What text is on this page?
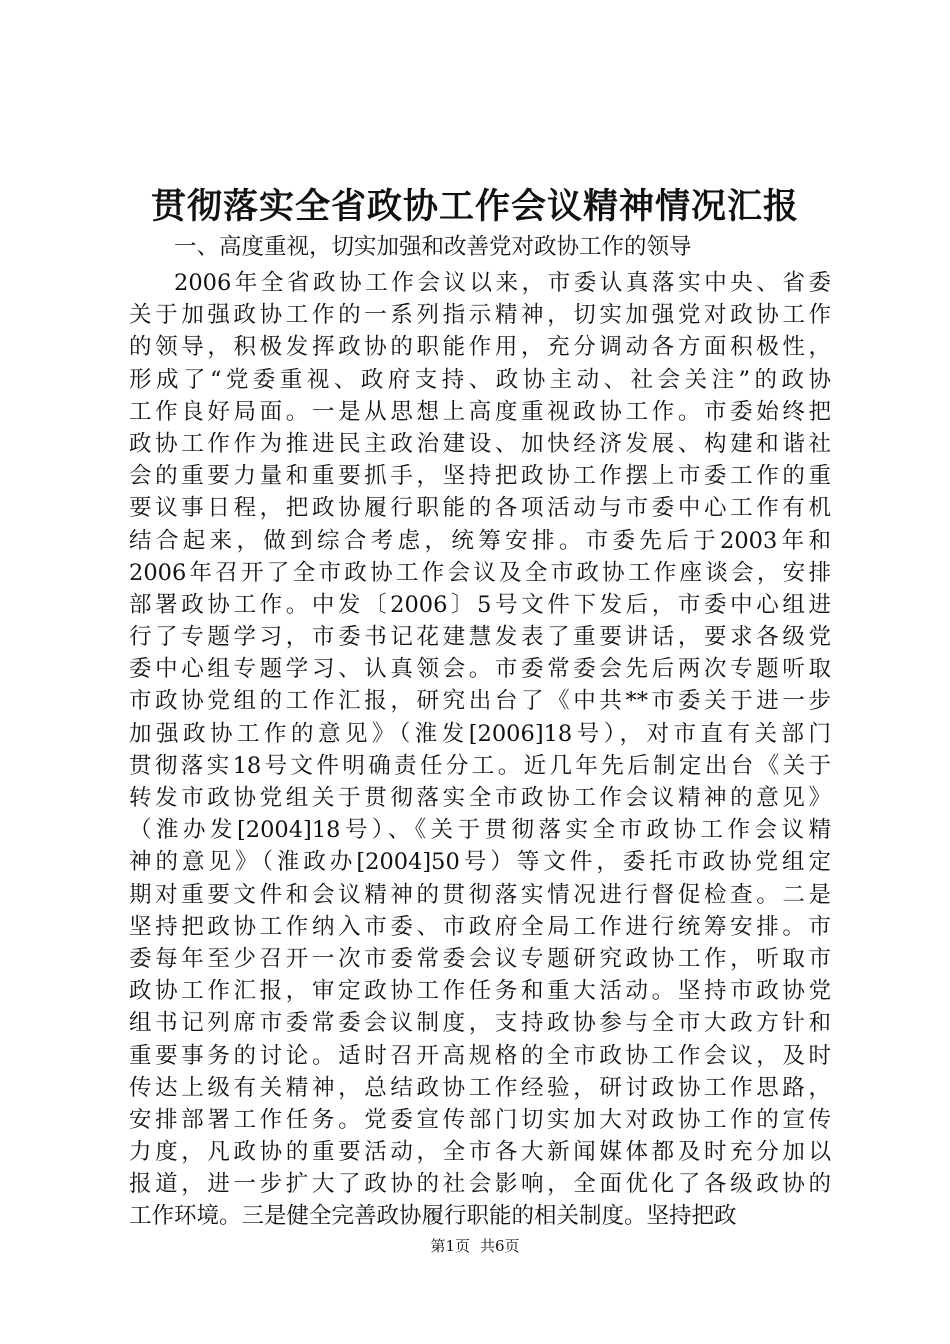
贯彻落实全省政协工作会议精神情况汇报
一、高度重视，切实加强和改善党对政协工作的领导
2006年全省政协工作会议以来，市委认真落实中央、省委
关于加强政协工作的一系列指示精神，切实加强党对政协工作
的领导，积极发挥政协的职能作用，充分调动各方面积极性，
形成了“党委重视、政府支持、政协主动、社会关注”的政协
工作良好局面。一是从思想上高度重视政协工作。市委始终把
政协工作作为推进民主政治建设、加快经济发展、构建和谐社
会的重要力量和重要抓手，坚持把政协工作摆上市委工作的重
要议事日程，把政协履行职能的各项活动与市委中心工作有机
结合起来，做到综合考虑，统筹安排。市委先后于2003年和
2006年召开了全市政协工作会议及全市政协工作座谈会，安排
部署政协工作。中发〔2006〕5号文件下发后，市委中心组进
行了专题学习，市委书记花建慧发表了重要讲话，要求各级党
委中心组专题学习、认真领会。市委常委会先后两次专题听取
市政协党组的工作汇报，研究出台了《中共**市委关于进一步
加强政协工作的意见》（淮发[2006]18号），对市直有关部门
贯彻落实18号文件明确责任分工。近几年先后制定出台《关于
转发市政协党组关于贯彻落实全市政协工作会议精神的意见》
（淮办发[2004]18号）、《关于贯彻落实全市政协工作会议精
神的意见》（淮政办[2004]50号）等文件，委托市政协党组定
期对重要文件和会议精神的贯彻落实情况进行督促检查。二是
坚持把政协工作纳入市委、市政府全局工作进行统筹安排。市
委每年至少召开一次市委常委会议专题研究政协工作，听取市
政协工作汇报，审定政协工作任务和重大活动。坚持市政协党
组书记列席市委常委会议制度，支持政协参与全市大政方针和
重要事务的讨论。适时召开高规格的全市政协工作会议，及时
传达上级有关精神，总结政协工作经验，研讨政协工作思路，
安排部署工作任务。党委宣传部门切实加大对政协工作的宣传
力度，凡政协的重要活动，全市各大新闻媒体都及时充分加以
报道，进一步扩大了政协的社会影响，全面优化了各级政协的
工作环境。三是健全完善政协履行职能的相关制度。坚持把政
第1页 共6页
